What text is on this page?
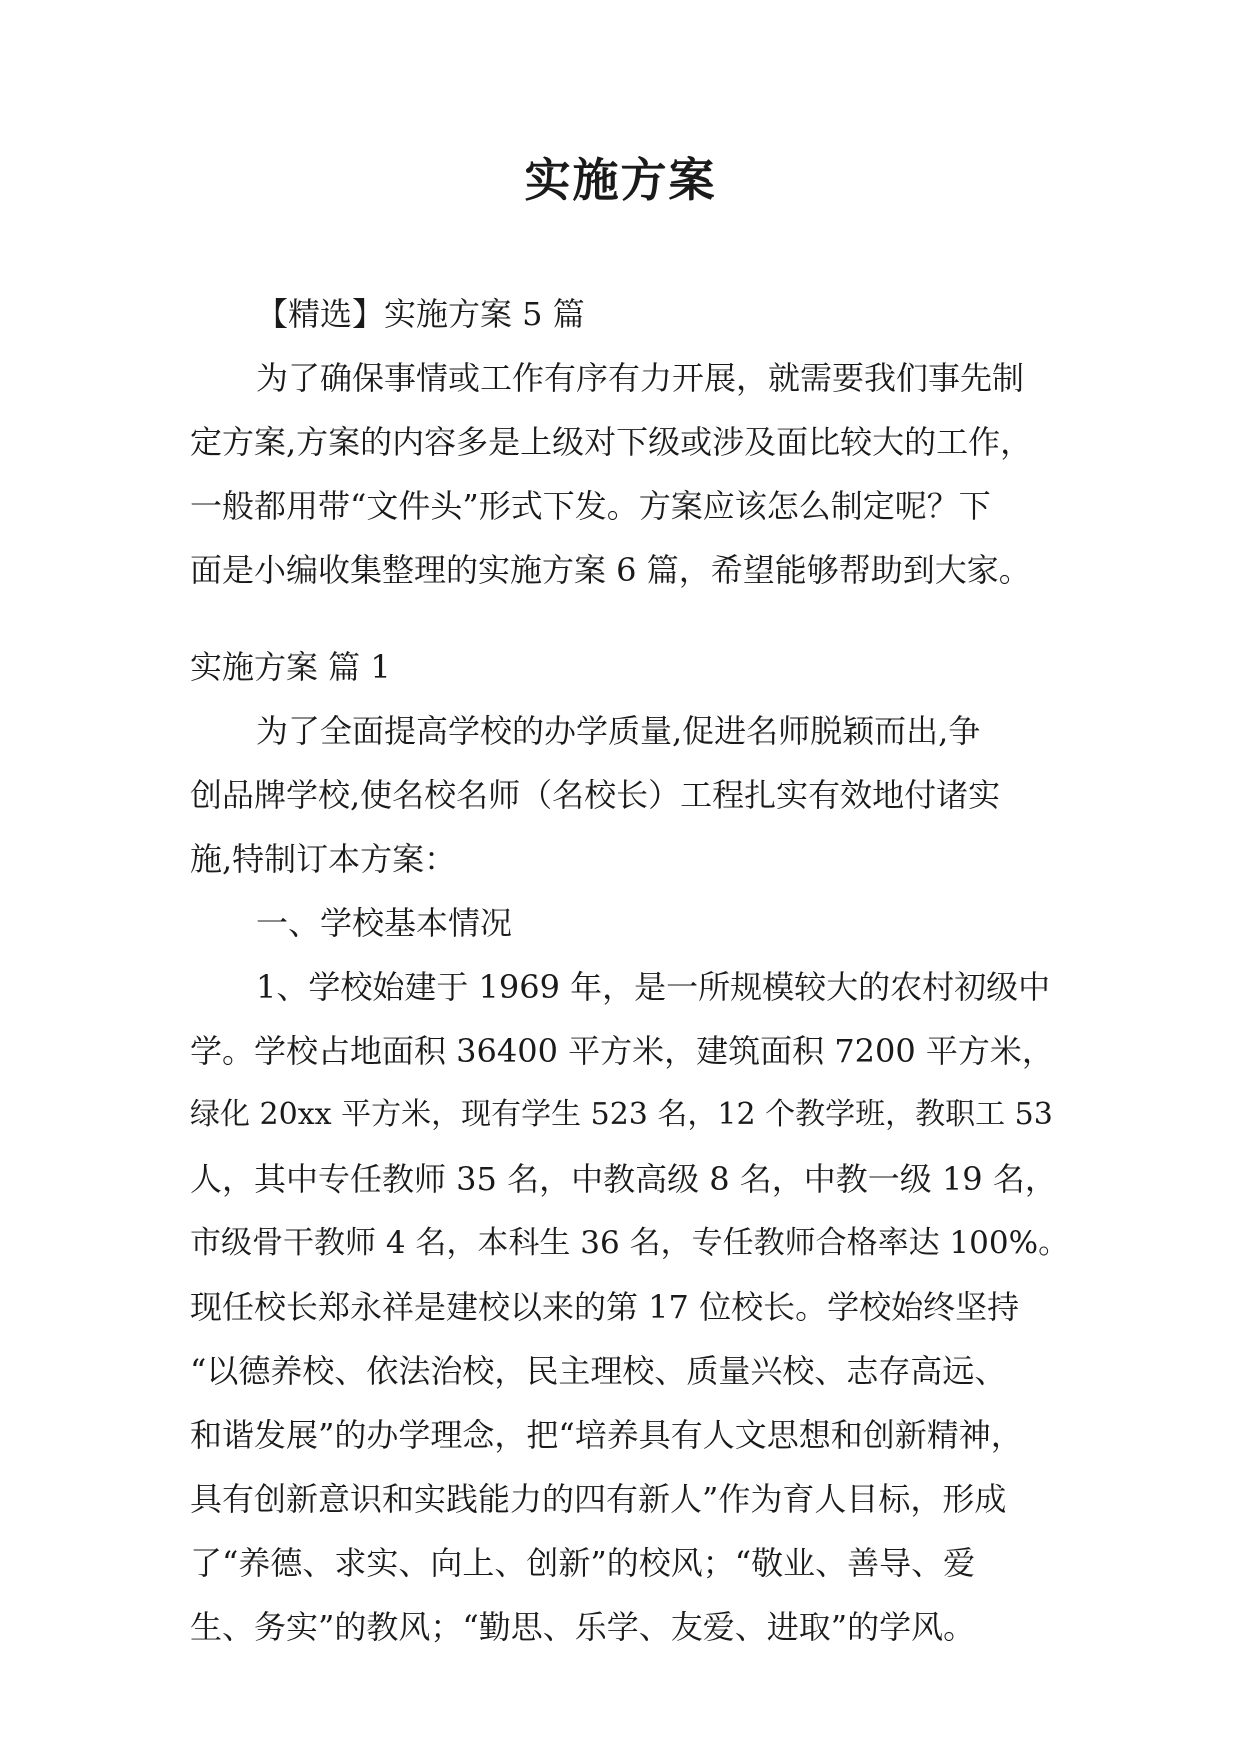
实施方案
【精选】实施方案 5 篇
为了确保事情或工作有序有力开展，就需要我们事先制
定方案,方案的内容多是上级对下级或涉及面比较大的工作，
一般都用带“文件头”形式下发。方案应该怎么制定呢？下
面是小编收集整理的实施方案 6 篇，希望能够帮助到大家。
实施方案 篇 1
为了全面提高学校的办学质量,促进名师脱颖而出,争
创品牌学校,使名校名师（名校长）工程扎实有效地付诸实
施,特制订本方案：
一、学校基本情况
1、学校始建于 1969 年，是一所规模较大的农村初级中
学。学校占地面积 36400 平方米，建筑面积 7200 平方米，
绿化 20xx 平方米，现有学生 523 名，12 个教学班，教职工 53
人，其中专任教师 35 名，中教高级 8 名，中教一级 19 名，
市级骨干教师 4 名，本科生 36 名，专任教师合格率达 100%。
现任校长郑永祥是建校以来的第 17 位校长。学校始终坚持
“以德养校、依法治校，民主理校、质量兴校、志存高远、
和谐发展”的办学理念，把“培养具有人文思想和创新精神，
具有创新意识和实践能力的四有新人”作为育人目标，形成
了“养德、求实、向上、创新”的校风；“敬业、善导、爱
生、务实”的教风；“勤思、乐学、友爱、进取”的学风。
